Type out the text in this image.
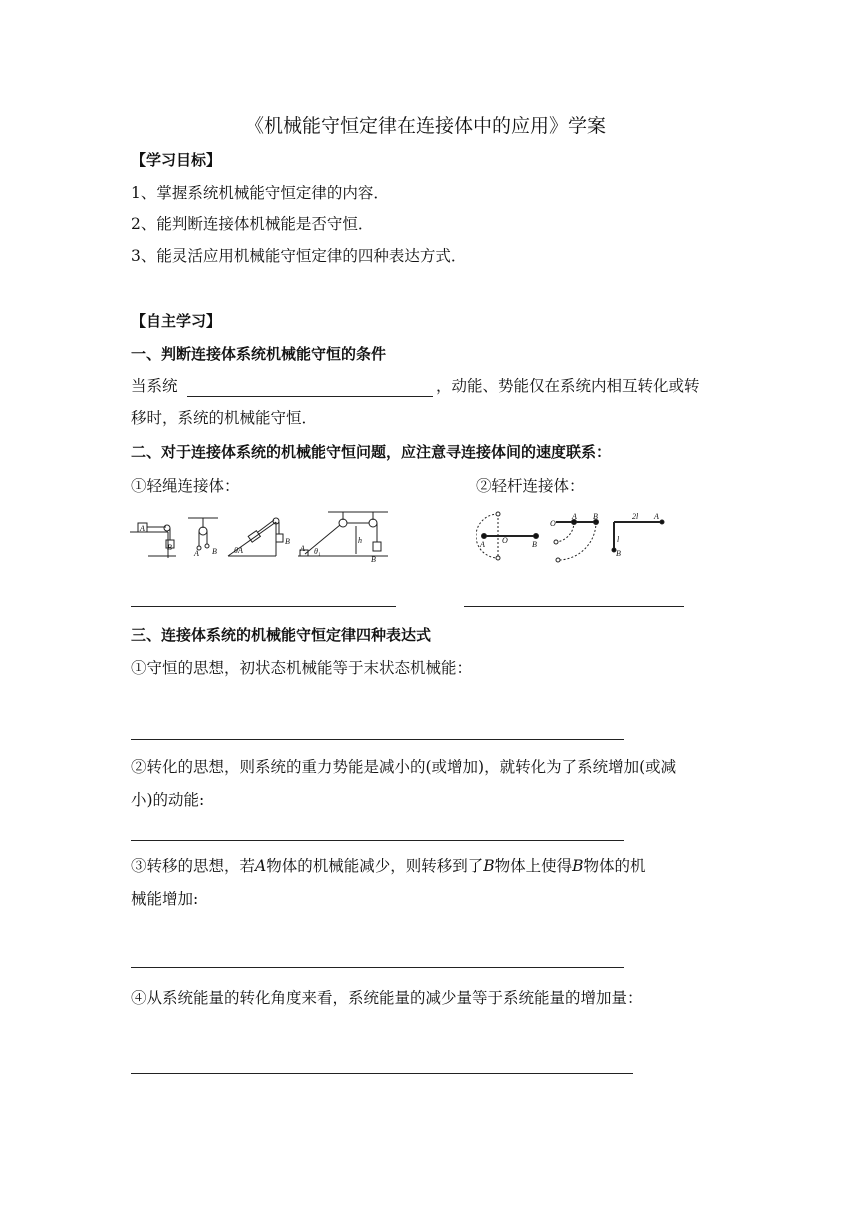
《机械能守恒定律在连接体中的应用》学案
【学习目标】
1、掌握系统机械能守恒定律的内容．
2、能判断连接体机械能是否守恒．
3、能灵活应用机械能守恒定律的四种表达方式．
【自主学习】
一、判断连接体系统机械能守恒的条件
当系统	，动能、势能仅在系统内相互转化或转
移时，系统的机械能守恒．
二、对于连接体系统的机械能守恒问题，应注意寻连接体间的速度联系：
①轻绳连接体：	②轻杆连接体：
A
B
A B	A
θ
B
A θ₁
h
B
A O	B
O
A B	A
2l
l
B
三、连接体系统的机械能守恒定律四种表达式
①守恒的思想，初状态机械能等于末状态机械能：
②转化的思想，则系统的重力势能是减小的(或增加)，就转化为了系统增加(或减
小)的动能:
③转移的思想，若A物体的机械能减少，则转移到了B物体上使得B物体的机
械能增加:
④从系统能量的转化角度来看，系统能量的减少量等于系统能量的增加量：
